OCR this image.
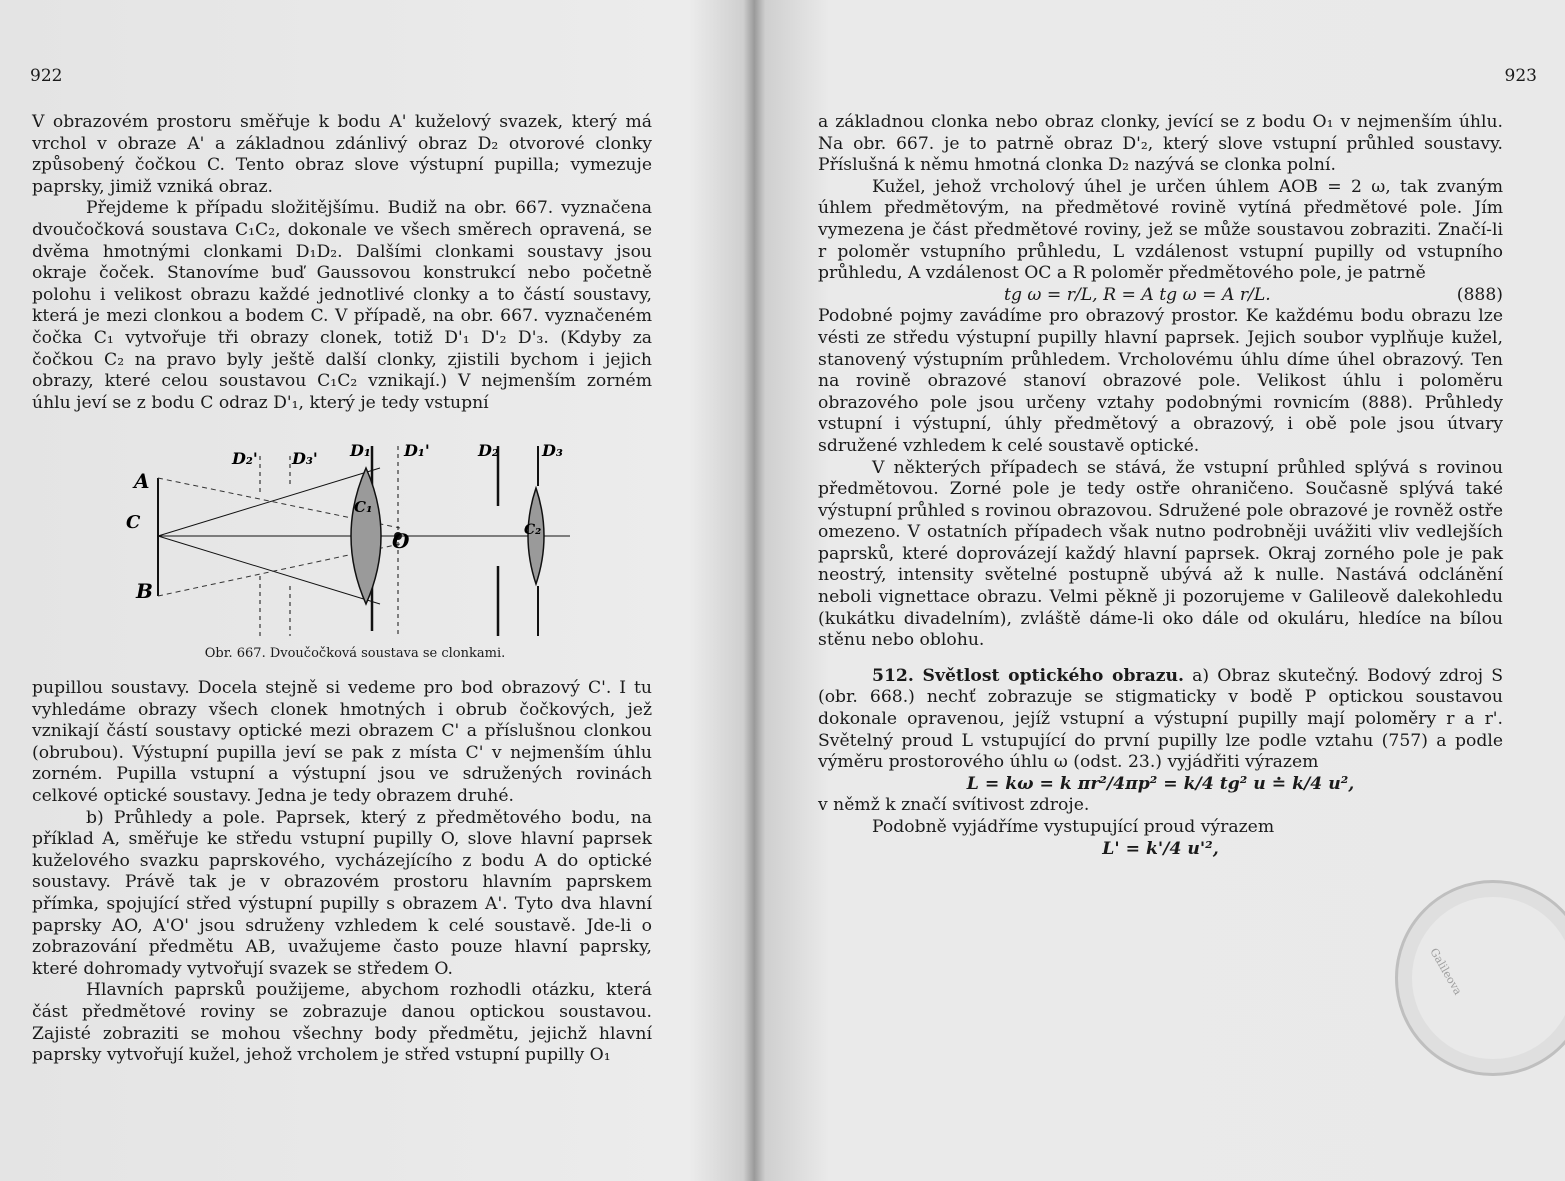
922

V obrazovém prostoru směřuje k bodu A' kuželový svazek, který má vrchol v obraze A' a základnou zdánlivý obraz D₂ otvorové clonky způsobený čočkou C. Tento obraz slove výstupní pupilla; vymezuje paprsky, jimiž vzniká obraz.

Přejdeme k případu složitějšímu. Budiž na obr. 667. vyznačena dvoučočková soustava C₁C₂, dokonale ve všech směrech opravená, se dvěma hmotnými clonkami D₁D₂. Dalšími clonkami soustavy jsou okraje čoček. Stanovíme buď Gaussovou konstrukcí nebo početně polohu i velikost obrazu každé jednotlivé clonky a to částí soustavy, která je mezi clonkou a bodem C. V případě, na obr. 667. vyznačeném čočka C₁ vytvořuje tři obrazy clonek, totiž D'₁ D'₂ D'₃. (Kdyby za čočkou C₂ na pravo byly ještě další clonky, zjistili bychom i jejich obrazy, které celou soustavou C₁C₂ vznikají.) V nejmenším zorném úhlu jeví se z bodu C odraz D'₁, který je tedy vstupní

A
C
B
O
D₂' D₃' D₁ D₁'	D₂	D₃
C₁
C₂
Obr. 667. Dvoučočková soustava se clonkami.

pupillou soustavy. Docela stejně si vedeme pro bod obrazový C'. I tu vyhledáme obrazy všech clonek hmotných i obrub čočkových, jež vznikají částí soustavy optické mezi obrazem C' a příslušnou clonkou (obrubou). Výstupní pupilla jeví se pak z místa C' v nejmenším úhlu zorném. Pupilla vstupní a výstupní jsou ve sdružených rovinách celkové optické soustavy. Jedna je tedy obrazem druhé.

b) Průhledy a pole. Paprsek, který z předmětového bodu, na příklad A, směřuje ke středu vstupní pupilly O, slove hlavní paprsek kuželového svazku paprskového, vycházejícího z bodu A do optické soustavy. Právě tak je v obrazovém prostoru hlavním paprskem přímka, spojující střed výstupní pupilly s obrazem A'. Tyto dva hlavní paprsky AO, A'O' jsou sdruženy vzhledem k celé soustavě. Jde-li o zobrazování předmětu AB, uvažujeme často pouze hlavní paprsky, které dohromady vytvořují svazek se středem O.

Hlavních paprsků použijeme, abychom rozhodli otázku, která část předmětové roviny se zobrazuje danou optickou soustavou. Zajisté zobraziti se mohou všechny body předmětu, jejichž hlavní paprsky vytvořují kužel, jehož vrcholem je střed vstupní pupilly O₁

923

a základnou clonka nebo obraz clonky, jevící se z bodu O₁ v nejmenším úhlu. Na obr. 667. je to patrně obraz D'₂, který slove vstupní průhled soustavy. Příslušná k němu hmotná clonka D₂ nazývá se clonka polní.

Kužel, jehož vrcholový úhel je určen úhlem AOB = 2 ω, tak zvaným úhlem předmětovým, na předmětové rovině vytíná předmětové pole. Jím vymezena je část předmětové roviny, jež se může soustavou zobraziti. Značí-li r poloměr vstupního průhledu, L vzdálenost vstupní pupilly od vstupního průhledu, A vzdálenost OC a R poloměr předmětového pole, je patrně

tg ω = r/L, R = A tg ω = A r/L.	(888)

Podobné pojmy zavádíme pro obrazový prostor. Ke každému bodu obrazu lze vésti ze středu výstupní pupilly hlavní paprsek. Jejich soubor vyplňuje kužel, stanovený výstupním průhledem. Vrcholovému úhlu díme úhel obrazový. Ten na rovině obrazové stanoví obrazové pole. Velikost úhlu i poloměru obrazového pole jsou určeny vztahy podobnými rovnicím (888). Průhledy vstupní i výstupní, úhly předmětový a obrazový, i obě pole jsou útvary sdružené vzhledem k celé soustavě optické.

V některých případech se stává, že vstupní průhled splývá s rovinou předmětovou. Zorné pole je tedy ostře ohraničeno. Současně splývá také výstupní průhled s rovinou obrazovou. Sdružené pole obrazové je rovněž ostře omezeno. V ostatních případech však nutno podrobněji uvážiti vliv vedlejších paprsků, které doprovázejí každý hlavní paprsek. Okraj zorného pole je pak neostrý, intensity světelné postupně ubývá až k nulle. Nastává odclánění neboli vignettace obrazu. Velmi pěkně ji pozorujeme v Galileově dalekohledu (kukátku divadelním), zvláště dáme-li oko dále od okuláru, hledíce na bílou stěnu nebo oblohu.

512. Světlost optického obrazu. a) Obraz skutečný. Bodový zdroj S (obr. 668.) nechť zobrazuje se stigmaticky v bodě P optickou soustavou dokonale opravenou, jejíž vstupní a výstupní pupilly mají poloměry r a r'. Světelný proud L vstupující do první pupilly lze podle vztahu (757) a podle výměru prostorového úhlu ω (odst. 23.) vyjádřiti výrazem

L = kω = k πr²/4πp² = k/4 tg² u ≐ k/4 u²,

v němž k značí svítivost zdroje.

Podobně vyjádříme vystupující proud výrazem

L' = k'/4 u'²,

Galileova
